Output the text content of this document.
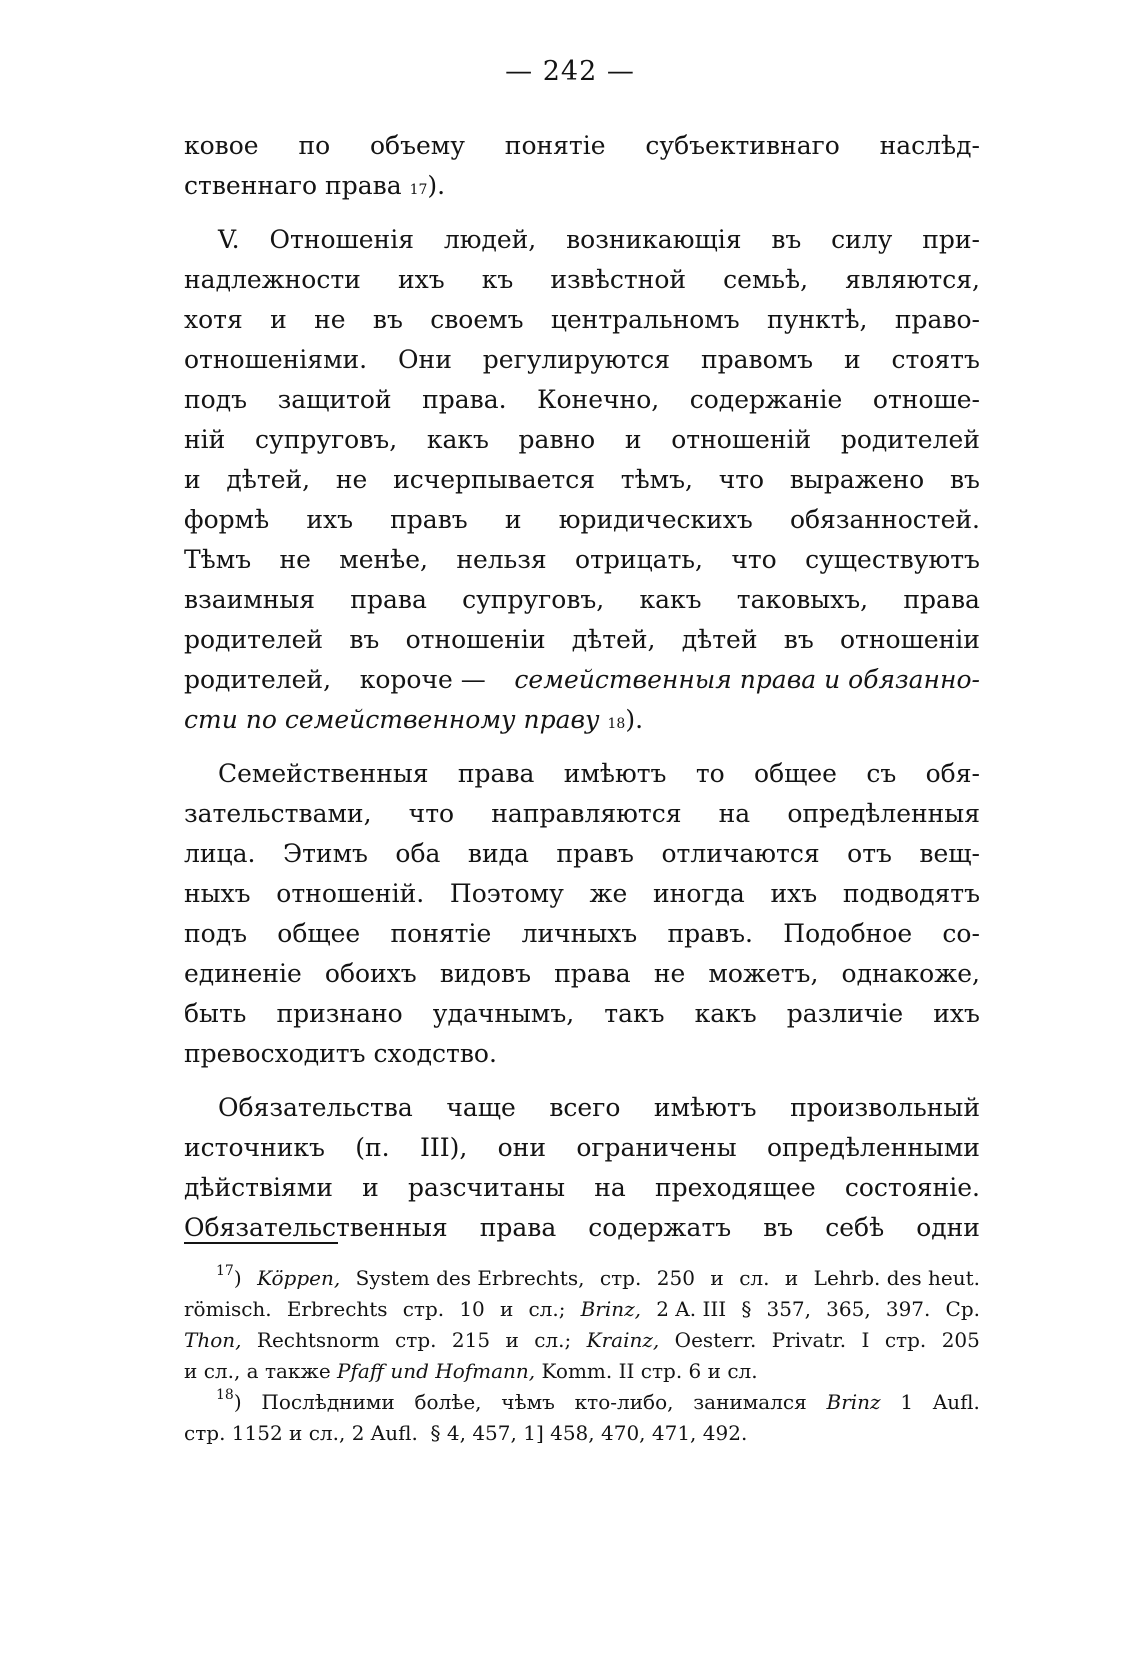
— 242 —
ковое по объему понятіе субъективнаго наслѣд-
ственнаго
права
17 ).
V. Отношенія людей, возникающія въ силу при-
надлежности ихъ къ извѣстной семьѣ, являются,
хотя и не въ своемъ центральномъ пунктѣ, право-
отношеніями. Они регулируются правомъ и стоятъ
подъ защитой права. Конечно, содержаніе отноше-
ній супруговъ, какъ равно и отношеній родителей
и дѣтей, не исчерпывается тѣмъ, что выражено въ
формѣ ихъ правъ и юридическихъ обязанностей.
Тѣмъ не менѣе, нельзя отрицать, что существуютъ
взаимныя права супруговъ, какъ таковыхъ, права
родителей въ отношеніи дѣтей, дѣтей въ отношеніи
родителей, короче — семейственныя права и обязанно-
сти по семейственному праву
18 ).
Семейственныя права имѣютъ то общее съ обя-
зательствами, что направляются на опредѣленныя
лица. Этимъ оба вида правъ отличаются отъ вещ-
ныхъ отношеній. Поэтому же иногда ихъ подводятъ
подъ общее понятіе личныхъ правъ. Подобное со-
единеніе обоихъ видовъ права не можетъ, однакоже,
быть признано удачнымъ, такъ какъ различіе ихъ
превосходитъ
сходство.
Обязательства чаще всего имѣютъ произвольный
источникъ (п. III), они ограничены опредѣленными
дѣйствіями и разсчитаны на преходящее состояніе.
Обязательственныя права содержатъ въ себѣ одни
$^{17}$) Köppen, System des Erbrechts, стр. 250 и сл. и Lehrb. des heut.
römisch. Erbrechts стр. 10 и сл.; Brinz, 2 A. III § 357, 365, 397. Cp.
Thon, Rechtsnorm стр. 215 и сл.; Krainz, Oesterr. Privatr. I стр. 205
и сл., а также
Pfaff und Hofmann,
Komm. II стр. 6 и сл.
$^{18}$) Послѣдними болѣе, чѣмъ кто-либо, занимался Brinz 1 Aufl.
стр. 1152 и сл., 2 Aufl.
§ 4, 457, 1] 458, 470, 471, 492.
